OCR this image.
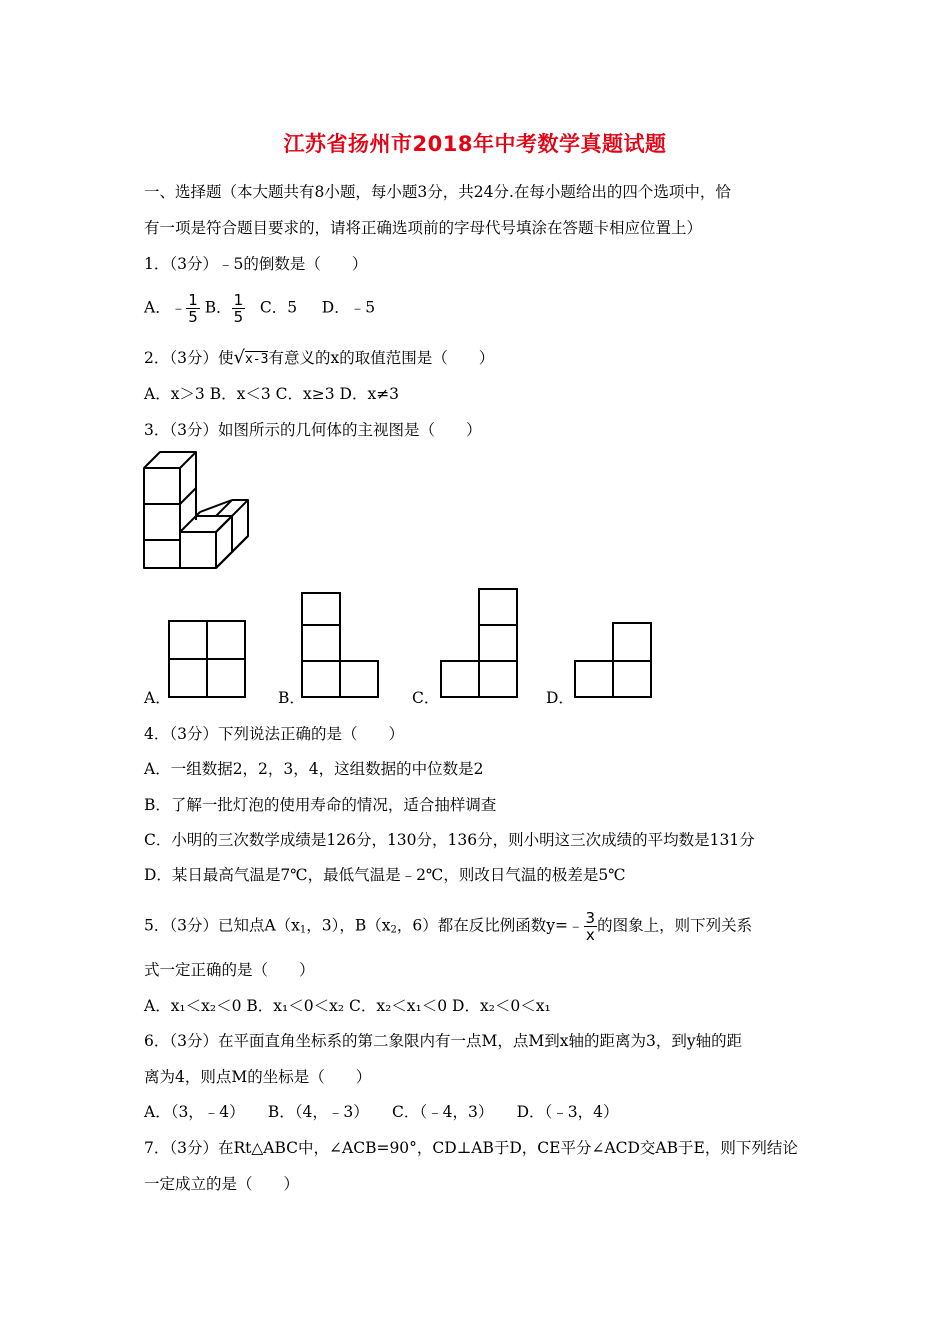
江苏省扬州市2018年中考数学真题试题
一、选择题（本大题共有8小题，每小题3分，共24分.在每小题给出的四个选项中，恰
有一项是符合题目要求的，请将正确选项前的字母代号填涂在答题卡相应位置上）
1．（3分）﹣5的倒数是（　　）
A．﹣ $\frac{1}{5}$ B． $\frac{1}{5}$ C．5 D．﹣5
2．（3分）使√x-3有意义的x的取值范围是（　　）
A．x＞3 B．x＜3 C．x≥3 D．x≠3
3．（3分）如图所示的几何体的主视图是（　　）
A．	B．	C．	D．
4．（3分）下列说法正确的是（　　）
A．一组数据2，2，3，4，这组数据的中位数是2
B．了解一批灯泡的使用寿命的情况，适合抽样调查
C．小明的三次数学成绩是126分，130分，136分，则小明这三次成绩的平均数是131分
D．某日最高气温是7℃，最低气温是﹣2℃，则改日气温的极差是5℃
5．（3分）已知点$A(x_1$，3），$B(x_2$，6）都在反比例函数y=﹣ $\frac{3}{x}$ 的图象上，则下列关系
式一定正确的是（　　）
A．x₁＜x₂＜0 B．x₁＜0＜x₂ C．x₂＜x₁＜0 D．x₂＜0＜x₁
6．（3分）在平面直角坐标系的第二象限内有一点M，点M到x轴的距离为3，到y轴的距
离为4，则点M的坐标是（　　）
A．（3，﹣4）　　B．（4，﹣3）　　C．（﹣4，3）　　D．（﹣3，4）
7．（3分）在Rt△ABC中，∠ACB=90°，CD⊥AB于D，CE平分∠ACD交AB于E，则下列结论
一定成立的是（　　）
